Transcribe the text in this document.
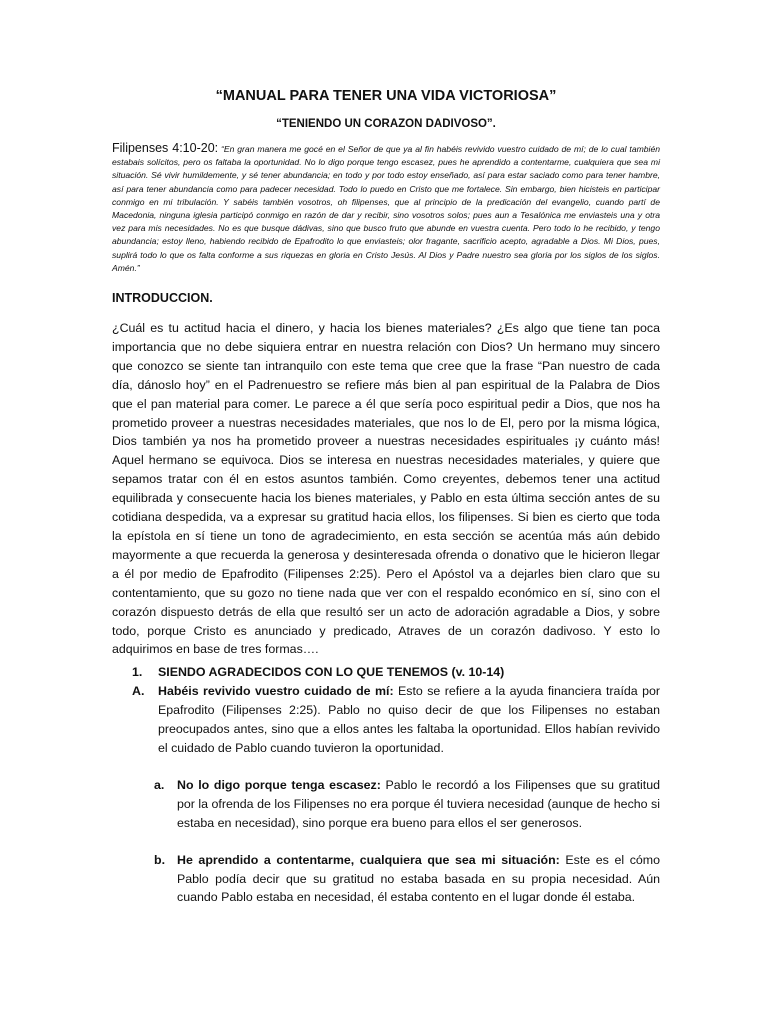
“MANUAL PARA TENER UNA VIDA VICTORIOSA”
“TENIENDO UN CORAZON DADIVOSO”.

Filipenses 4:10-20: “En gran manera me gocé en el Señor de que ya al fin habéis revivido vuestro cuidado de mí; de lo cual también estabais solícitos, pero os faltaba la oportunidad. No lo digo porque tengo escasez, pues he aprendido a contentarme, cualquiera que sea mi situación. Sé vivir humildemente, y sé tener abundancia; en todo y por todo estoy enseñado, así para estar saciado como para tener hambre, así para tener abundancia como para padecer necesidad. Todo lo puedo en Cristo que me fortalece. Sin embargo, bien hicisteis en participar conmigo en mi tribulación. Y sabéis también vosotros, oh filipenses, que al principio de la predicación del evangelio, cuando partí de Macedonia, ninguna iglesia participó conmigo en razón de dar y recibir, sino vosotros solos; pues aun a Tesalónica me enviasteis una y otra vez para mis necesidades. No es que busque dádivas, sino que busco fruto que abunde en vuestra cuenta. Pero todo lo he recibido, y tengo abundancia; estoy lleno, habiendo recibido de Epafrodito lo que enviasteis; olor fragante, sacrificio acepto, agradable a Dios. Mi Dios, pues, suplirá todo lo que os falta conforme a sus riquezas en gloria en Cristo Jesús. Al Dios y Padre nuestro sea gloria por los siglos de los siglos. Amén.”

INTRODUCCION.

¿Cuál es tu actitud hacia el dinero, y hacia los bienes materiales? ¿Es algo que tiene tan poca importancia que no debe siquiera entrar en nuestra relación con Dios? Un hermano muy sincero que conozco se siente tan intranquilo con este tema que cree que la frase “Pan nuestro de cada día, dánoslo hoy” en el Padrenuestro se refiere más bien al pan espiritual de la Palabra de Dios que el pan material para comer. Le parece a él que sería poco espiritual pedir a Dios, que nos ha prometido proveer a nuestras necesidades materiales, que nos lo de El, pero por la misma lógica, Dios también ya nos ha prometido proveer a nuestras necesidades espirituales ¡y cuánto más! Aquel hermano se equivoca. Dios se interesa en nuestras necesidades materiales, y quiere que sepamos tratar con él en estos asuntos también. Como creyentes, debemos tener una actitud equilibrada y consecuente hacia los bienes materiales, y Pablo en esta última sección antes de su cotidiana despedida, va a expresar su gratitud hacia ellos, los filipenses. Si bien es cierto que toda la epístola en sí tiene un tono de agradecimiento, en esta sección se acentúa más aún debido mayormente a que recuerda la generosa y desinteresada ofrenda o donativo que le hicieron llegar a él por medio de Epafrodito (Filipenses 2:25). Pero el Apóstol va a dejarles bien claro que su contentamiento, que su gozo no tiene nada que ver con el respaldo económico en sí, sino con el corazón dispuesto detrás de ella que resultó ser un acto de adoración agradable a Dios, y sobre todo, porque Cristo es anunciado y predicado, Atraves de un corazón dadivoso. Y esto lo adquirimos en base de tres formas….

1.	SIENDO AGRADECIDOS CON LO QUE TENEMOS (v. 10-14)
A.	Habéis revivido vuestro cuidado de mí: Esto se refiere a la ayuda financiera traída por Epafrodito (Filipenses 2:25). Pablo no quiso decir de que los Filipenses no estaban preocupados antes, sino que a ellos antes les faltaba la oportunidad. Ellos habían revivido el cuidado de Pablo cuando tuvieron la oportunidad.
a.	No lo digo porque tenga escasez: Pablo le recordó a los Filipenses que su gratitud por la ofrenda de los Filipenses no era porque él tuviera necesidad (aunque de hecho si estaba en necesidad), sino porque era bueno para ellos el ser generosos.
b. He aprendido a contentarme, cualquiera que sea mi situación: Este es el cómo Pablo podía decir que su gratitud no estaba basada en su propia necesidad. Aún cuando Pablo estaba en necesidad, él estaba contento en el lugar donde él estaba.
